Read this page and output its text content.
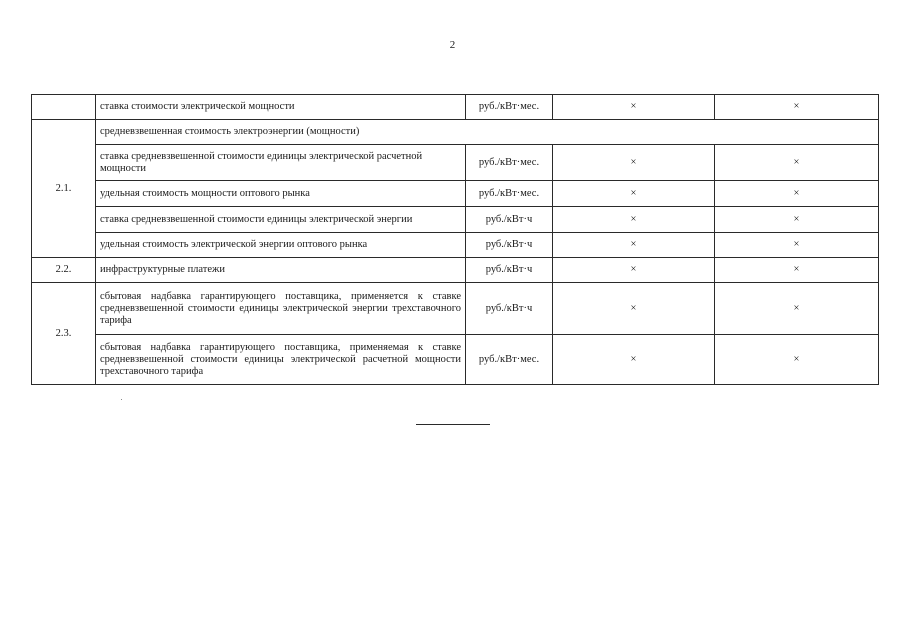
2
	ставка стоимости электрической мощности	руб./кВт·мес.	×	×
2.1.	средневзвешенная стоимость электроэнергии (мощности)			
	ставка средневзвешенной стоимости единицы электрической расчетной мощности	руб./кВт·мес.	×	×
	удельная стоимость мощности оптового рынка	руб./кВт·мес.	×	×
	ставка средневзвешенной стоимости единицы электрической энергии	руб./кВт·ч	×	×
	удельная стоимость электрической энергии оптового рынка	руб./кВт·ч	×	×
2.2.	инфраструктурные платежи	руб./кВт·ч	×	×
2.3.	сбытовая надбавка гарантирующего поставщика, применяется к ставке средневзвешенной стоимости единицы электрической энергии трехставочного тарифа	руб./кВт·ч	×	×
	сбытовая надбавка гарантирующего поставщика, применяемая к ставке средневзвешенной стоимости единицы электрической расчетной мощности трехставочного тарифа	руб./кВт·мес.	×	×
